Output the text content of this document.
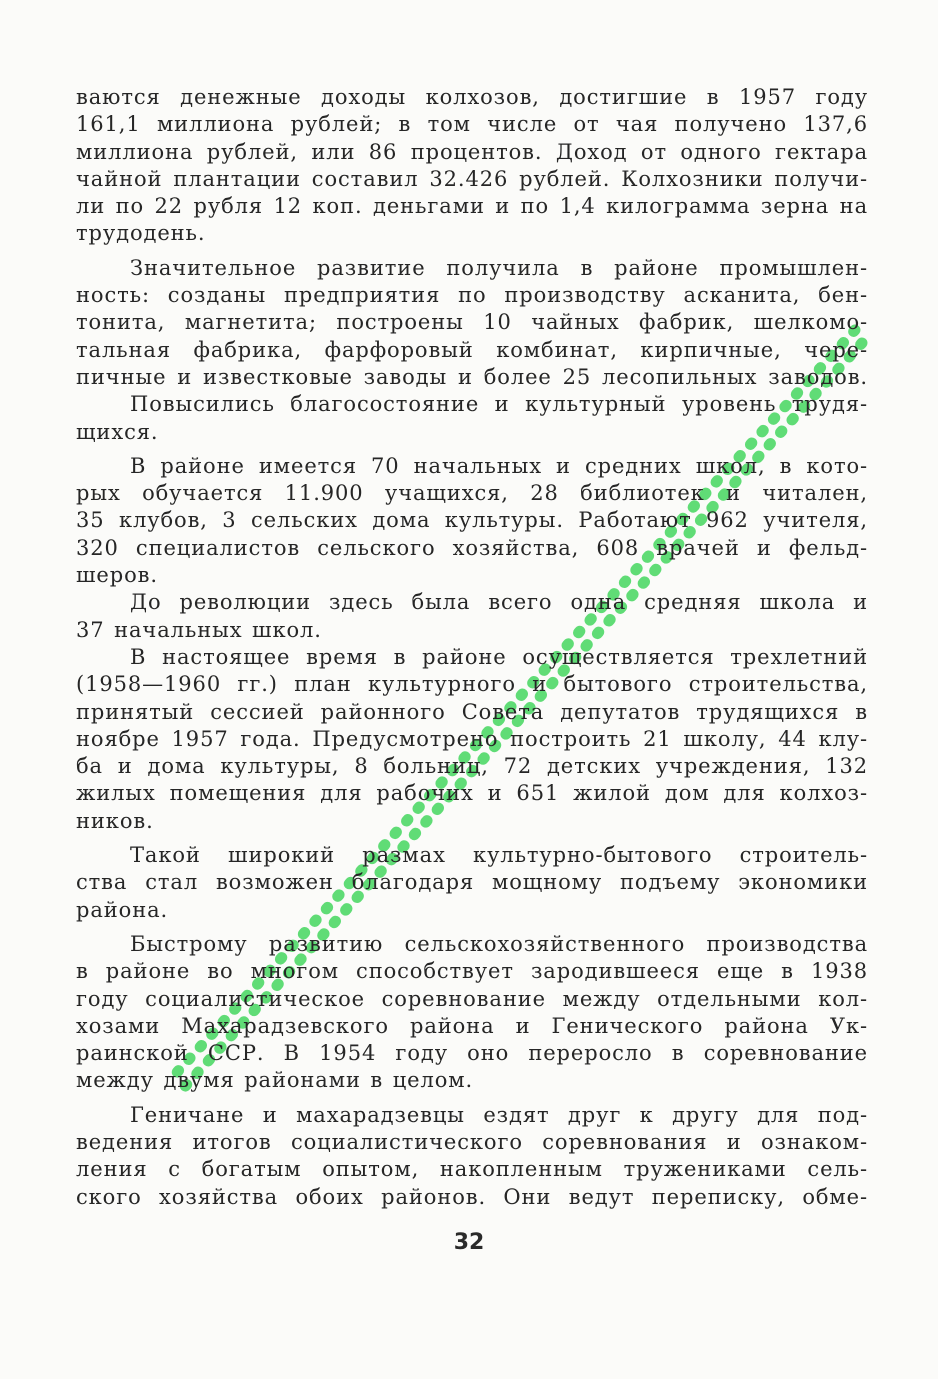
ваются денежные доходы колхозов, достигшие в 1957 году
161,1 миллиона рублей; в том числе от чая получено 137,6
миллиона рублей, или 86 процентов. Доход от одного гектара
чайной плантации составил 32.426 рублей. Колхозники получи-
ли по 22 рубля 12 коп. деньгами и по 1,4 килограмма зерна на
трудодень.
Значительное развитие получила в районе промышлен-
ность: созданы предприятия по производству асканита, бен-
тонита, магнетита; построены 10 чайных фабрик, шелкомо-
тальная фабрика, фарфоровый комбинат, кирпичные, чере-
пичные и известковые заводы и более 25 лесопильных заводов.
Повысились благосостояние и культурный уровень трудя-
щихся.
В районе имеется 70 начальных и средних школ, в кото-
рых обучается 11.900 учащихся, 28 библиотек и читален,
35 клубов, 3 сельских дома культуры. Работают 962 учителя,
320 специалистов сельского хозяйства, 608 врачей и фельд-
шеров.
До революции здесь была всего одна средняя школа и
37 начальных школ.
В настоящее время в районе осуществляется трехлетний
(1958—1960 гг.) план культурного и бытового строительства,
принятый сессией районного Совета депутатов трудящихся в
ноябре 1957 года. Предусмотрено построить 21 школу, 44 клу-
ба и дома культуры, 8 больниц, 72 детских учреждения, 132
жилых помещения для рабочих и 651 жилой дом для колхоз-
ников.
Такой широкий размах культурно-бытового строитель-
ства стал возможен благодаря мощному подъему экономики
района.
Быстрому развитию сельскохозяйственного производства
в районе во многом способствует зародившееся еще в 1938
году социалистическое соревнование между отдельными кол-
хозами Махарадзевского района и Генического района Ук-
раинской ССР. В 1954 году оно переросло в соревнование
между двумя районами в целом.
Геничане и махарадзевцы ездят друг к другу для под-
ведения итогов социалистического соревнования и ознаком-
ления с богатым опытом, накопленным тружениками сель-
ского хозяйства обоих районов. Они ведут переписку, обме-
32
